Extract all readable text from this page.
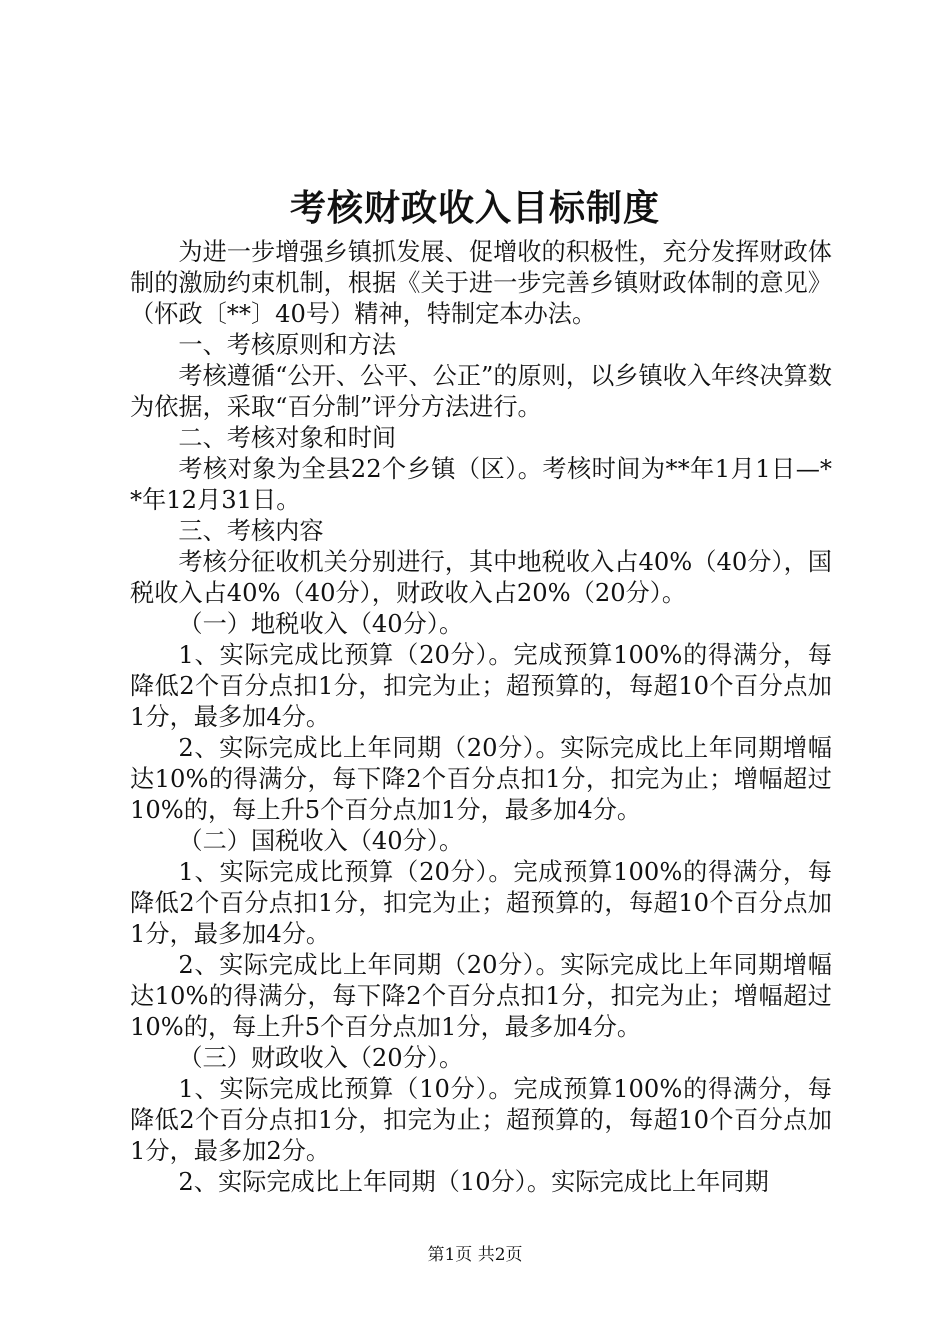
考核财政收入目标制度

为进一步增强乡镇抓发展、促增收的积极性，充分发挥财政体制的激励约束机制，根据《关于进一步完善乡镇财政体制的意见》（怀政〔**〕40号）精神，特制定本办法。

一、考核原则和方法

考核遵循“公开、公平、公正”的原则，以乡镇收入年终决算数为依据，采取“百分制”评分方法进行。

二、考核对象和时间

考核对象为全县22个乡镇（区）。考核时间为**年1月1日—**年12月31日。

三、考核内容

考核分征收机关分别进行，其中地税收入占40%（40分），国税收入占40%（40分），财政收入占20%（20分）。

（一）地税收入（40分）。

1、实际完成比预算（20分）。完成预算100%的得满分，每降低2个百分点扣1分，扣完为止；超预算的，每超10个百分点加1分，最多加4分。

2、实际完成比上年同期（20分）。实际完成比上年同期增幅达10%的得满分，每下降2个百分点扣1分，扣完为止；增幅超过10%的，每上升5个百分点加1分，最多加4分。

（二）国税收入（40分）。

1、实际完成比预算（20分）。完成预算100%的得满分，每降低2个百分点扣1分，扣完为止；超预算的，每超10个百分点加1分，最多加4分。

2、实际完成比上年同期（20分）。实际完成比上年同期增幅达10%的得满分，每下降2个百分点扣1分，扣完为止；增幅超过10%的，每上升5个百分点加1分，最多加4分。

（三）财政收入（20分）。

1、实际完成比预算（10分）。完成预算100%的得满分，每降低2个百分点扣1分，扣完为止；超预算的，每超10个百分点加1分，最多加2分。

2、实际完成比上年同期（10分）。实际完成比上年同期

第1页 共2页
